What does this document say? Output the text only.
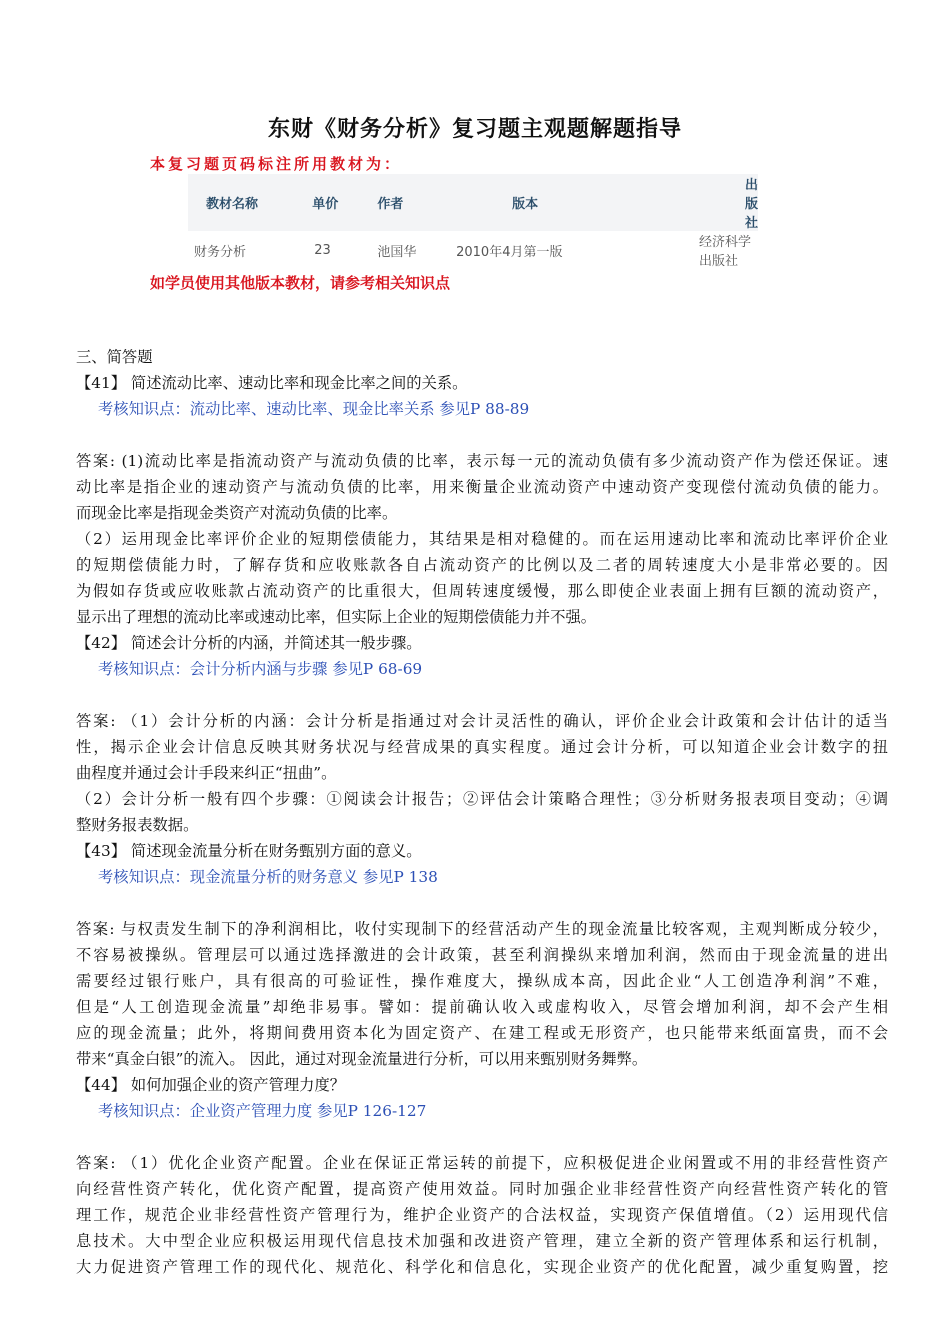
东财《财务分析》复习题主观题解题指导
本复习题页码标注所用教材为：
教材名称	单价	作者	版本	出版社
财务分析	23	池国华	2010年4月第一版	经济科学出版社
如学员使用其他版本教材，请参考相关知识点
三、简答题
【41】 简述流动比率、速动比率和现金比率之间的关系。
考核知识点：流动比率、速动比率、现金比率关系 参见P 88-89
答案: (1)流动比率是指流动资产与流动负债的比率，表示每一元的流动负债有多少流动资产作为偿还保证。速
动比率是指企业的速动资产与流动负债的比率，用来衡量企业流动资产中速动资产变现偿付流动负债的能力。
而现金比率是指现金类资产对流动负债的比率。
（2）运用现金比率评价企业的短期偿债能力，其结果是相对稳健的。而在运用速动比率和流动比率评价企业
的短期偿债能力时，了解存货和应收账款各自占流动资产的比例以及二者的周转速度大小是非常必要的。因
为假如存货或应收账款占流动资产的比重很大，但周转速度缓慢，那么即使企业表面上拥有巨额的流动资产，
显示出了理想的流动比率或速动比率，但实际上企业的短期偿债能力并不强。
【42】 简述会计分析的内涵，并简述其一般步骤。
考核知识点：会计分析内涵与步骤 参见P 68-69
答案: （1）会计分析的内涵：会计分析是指通过对会计灵活性的确认，评价企业会计政策和会计估计的适当
性，揭示企业会计信息反映其财务状况与经营成果的真实程度。通过会计分析，可以知道企业会计数字的扭
曲程度并通过会计手段来纠正“扭曲”。
（2）会计分析一般有四个步骤：①阅读会计报告；②评估会计策略合理性；③分析财务报表项目变动；④调
整财务报表数据。
【43】 简述现金流量分析在财务甄别方面的意义。
考核知识点：现金流量分析的财务意义 参见P 138
答案: 与权责发生制下的净利润相比，收付实现制下的经营活动产生的现金流量比较客观，主观判断成分较少，
不容易被操纵。管理层可以通过选择激进的会计政策，甚至利润操纵来增加利润，然而由于现金流量的进出
需要经过银行账户，具有很高的可验证性，操作难度大，操纵成本高，因此企业“人工创造净利润”不难，
但是“人工创造现金流量”却绝非易事。譬如：提前确认收入或虚构收入，尽管会增加利润，却不会产生相
应的现金流量；此外，将期间费用资本化为固定资产、在建工程或无形资产，也只能带来纸面富贵，而不会
带来“真金白银”的流入。 因此，通过对现金流量进行分析，可以用来甄别财务舞弊。
【44】 如何加强企业的资产管理力度？
考核知识点：企业资产管理力度 参见P 126-127
答案: （1）优化企业资产配置。企业在保证正常运转的前提下，应积极促进企业闲置或不用的非经营性资产
向经营性资产转化，优化资产配置，提高资产使用效益。同时加强企业非经营性资产向经营性资产转化的管
理工作，规范企业非经营性资产管理行为，维护企业资产的合法权益，实现资产保值增值。（2）运用现代信
息技术。大中型企业应积极运用现代信息技术加强和改进资产管理，建立全新的资产管理体系和运行机制，
大力促进资产管理工作的现代化、规范化、科学化和信息化，实现企业资产的优化配置，减少重复购置，挖
